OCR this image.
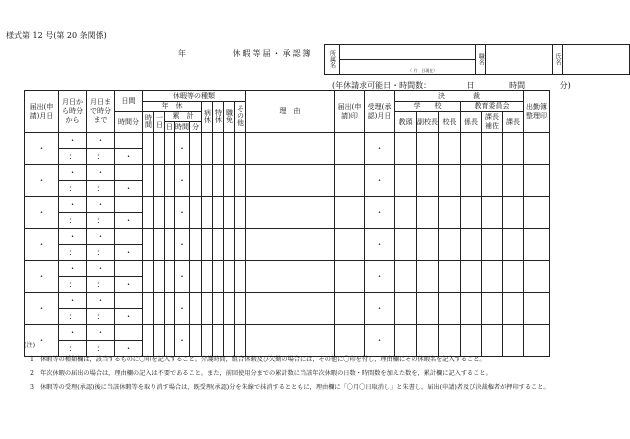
様式第 12 号(第 20 条関係)
年	休暇等届・承認簿	所属名		職名		氏名	
（ 月　日現在）
(年休請求可能日・時間数：	日	時間	分)
届出(申請)月日	月日から時分から	月日まで時分まで	日間	休暇等の種類									理　由	届出(申請)印	受理(承認)月日	決　　　　裁						出勤簿整理印
				年　休					病休	特休	職免	その他				学　　校			教育委員会			
			時間分	時間	一日	累　計										教頭	副校長	校長	係長	課長補佐	課長	
						日	時間	分														
・	・	・					・								・							
	：	：	・																			
・	・	・					・								・							
	：	：	・																			
・	・	・					・								・							
	：	：	・																			
・	・	・					・								・							
	：	：	・																			
・	・	・					・								・							
	：	：	・																			
・	・	・					・								・							
	：	：	・																			
・	・	・					・								・							
	：	：	・																			
(注)
1　休暇等の種類欄は，該当するものに〇印を記入すること。介護時間，組合休暇及び欠勤の場合には，その他に〇印を付し，理由欄にその休暇名を記入すること。
2　年次休暇の届出の場合は，理由欄の記入は不要であること。また，前回使用分までの累計数に当該年次休暇の日数・時間数を加えた数を，累計欄に記入すること。
3　休暇等の受理(承認)後に当該休暇等を取り消す場合は，既受理(承認)分を朱線で抹消するとともに，理由欄に「〇月〇日取消し」と朱書し，届出(申請)者及び決裁権者が押印すること。
